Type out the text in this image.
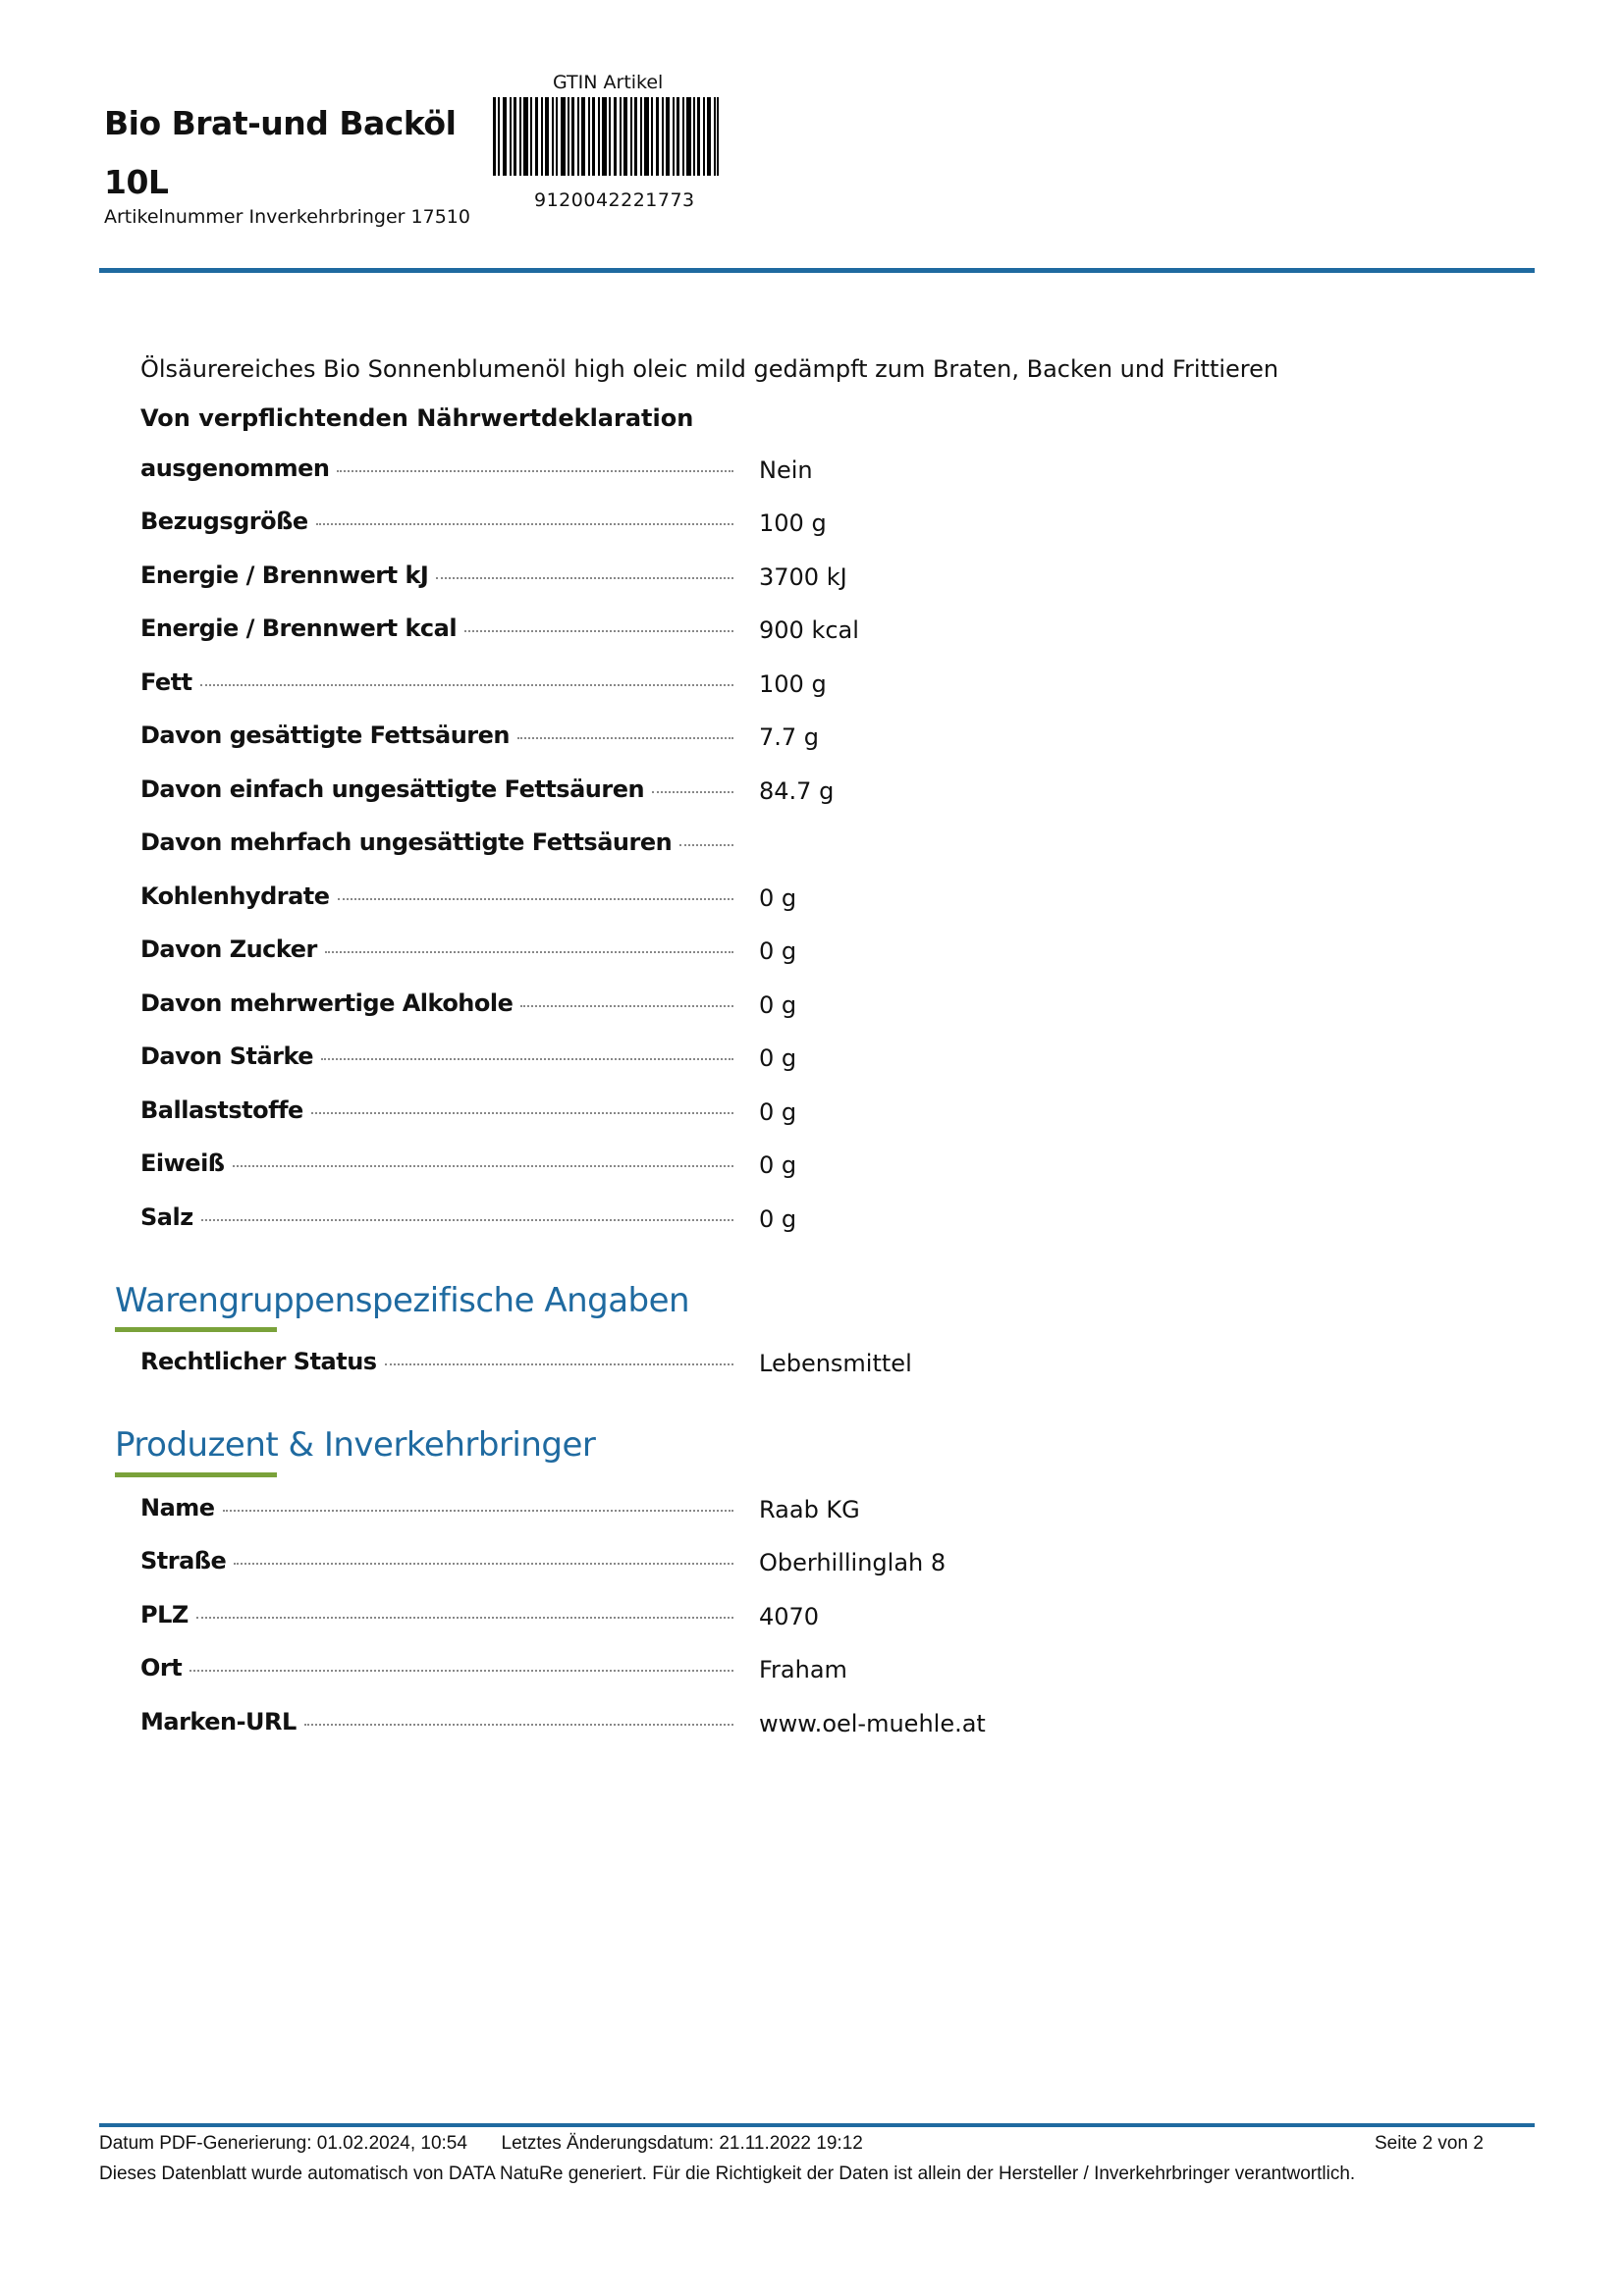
Bio Brat-und Backöl
10L
Artikelnummer Inverkehrbringer 17510
GTIN Artikel
9120042221773
Ölsäurereiches Bio Sonnenblumenöl high oleic mild gedämpft zum Braten, Backen und Frittieren
Von verpflichtenden Nährwertdeklaration
ausgenommen	Nein
Bezugsgröße	100 g
Energie / Brennwert kJ	3700 kJ
Energie / Brennwert kcal	900 kcal
Fett	100 g
Davon gesättigte Fettsäuren	7.7 g
Davon einfach ungesättigte Fettsäuren	84.7 g
Davon mehrfach ungesättigte Fettsäuren
Kohlenhydrate	0 g
Davon Zucker	0 g
Davon mehrwertige Alkohole	0 g
Davon Stärke	0 g
Ballaststoffe	0 g
Eiweiß	0 g
Salz	0 g
Warengruppenspezifische Angaben
Rechtlicher Status	Lebensmittel
Produzent & Inverkehrbringer
Name	Raab KG
Straße	Oberhillinglah 8
PLZ	4070
Ort	Fraham
Marken-URL	www.oel-muehle.at
Datum PDF-Generierung: 01.02.2024, 10:54 Letztes Änderungsdatum: 21.11.2022 19:12	Seite 2 von 2
Dieses Datenblatt wurde automatisch von DATA NatuRe generiert. Für die Richtigkeit der Daten ist allein der Hersteller / Inverkehrbringer verantwortlich.
